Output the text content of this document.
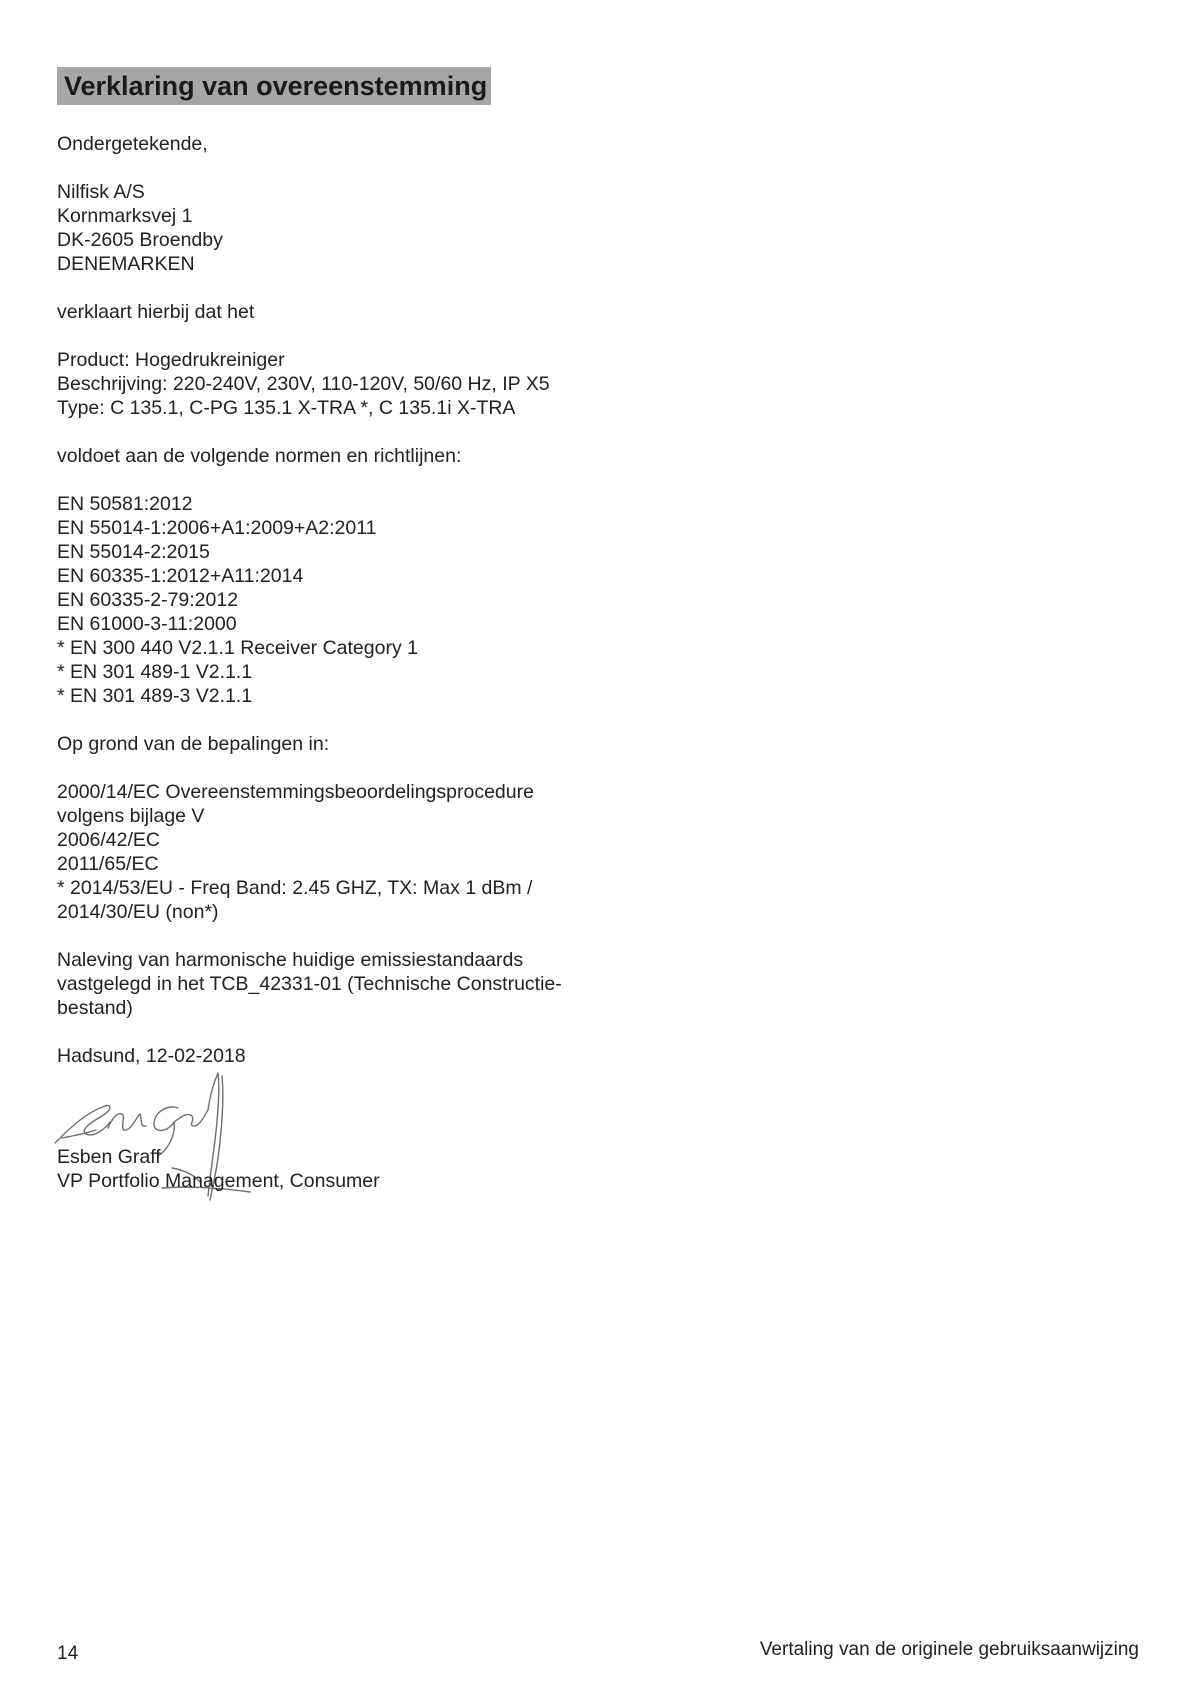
Verklaring van overeenstemming
Ondergetekende,
Nilfisk A/S
Kornmarksvej 1
DK-2605 Broendby
DENEMARKEN
verklaart hierbij dat het
Product: Hogedrukreiniger
Beschrijving: 220-240V, 230V, 110-120V, 50/60 Hz, IP X5
Type: C 135.1, C-PG 135.1 X-TRA *, C 135.1i X-TRA
voldoet aan de volgende normen en richtlijnen:
EN 50581:2012
EN 55014-1:2006+A1:2009+A2:2011
EN 55014-2:2015
EN 60335-1:2012+A11:2014
EN 60335-2-79:2012
EN 61000-3-11:2000
* EN 300 440 V2.1.1 Receiver Category 1
* EN 301 489-1 V2.1.1
* EN 301 489-3 V2.1.1
Op grond van de bepalingen in:
2000/14/EC Overeenstemmingsbeoordelingsprocedure
volgens bijlage V
2006/42/EC
2011/65/EC
* 2014/53/EU - Freq Band: 2.45 GHZ, TX: Max 1 dBm /
2014/30/EU (non*)
Naleving van harmonische huidige emissiestandaards
vastgelegd in het TCB_42331-01 (Technische Constructie-
bestand)
Hadsund, 12-02-2018
Esben Graff
VP Portfolio Management, Consumer
14	Vertaling van de originele gebruiksaanwijzing
